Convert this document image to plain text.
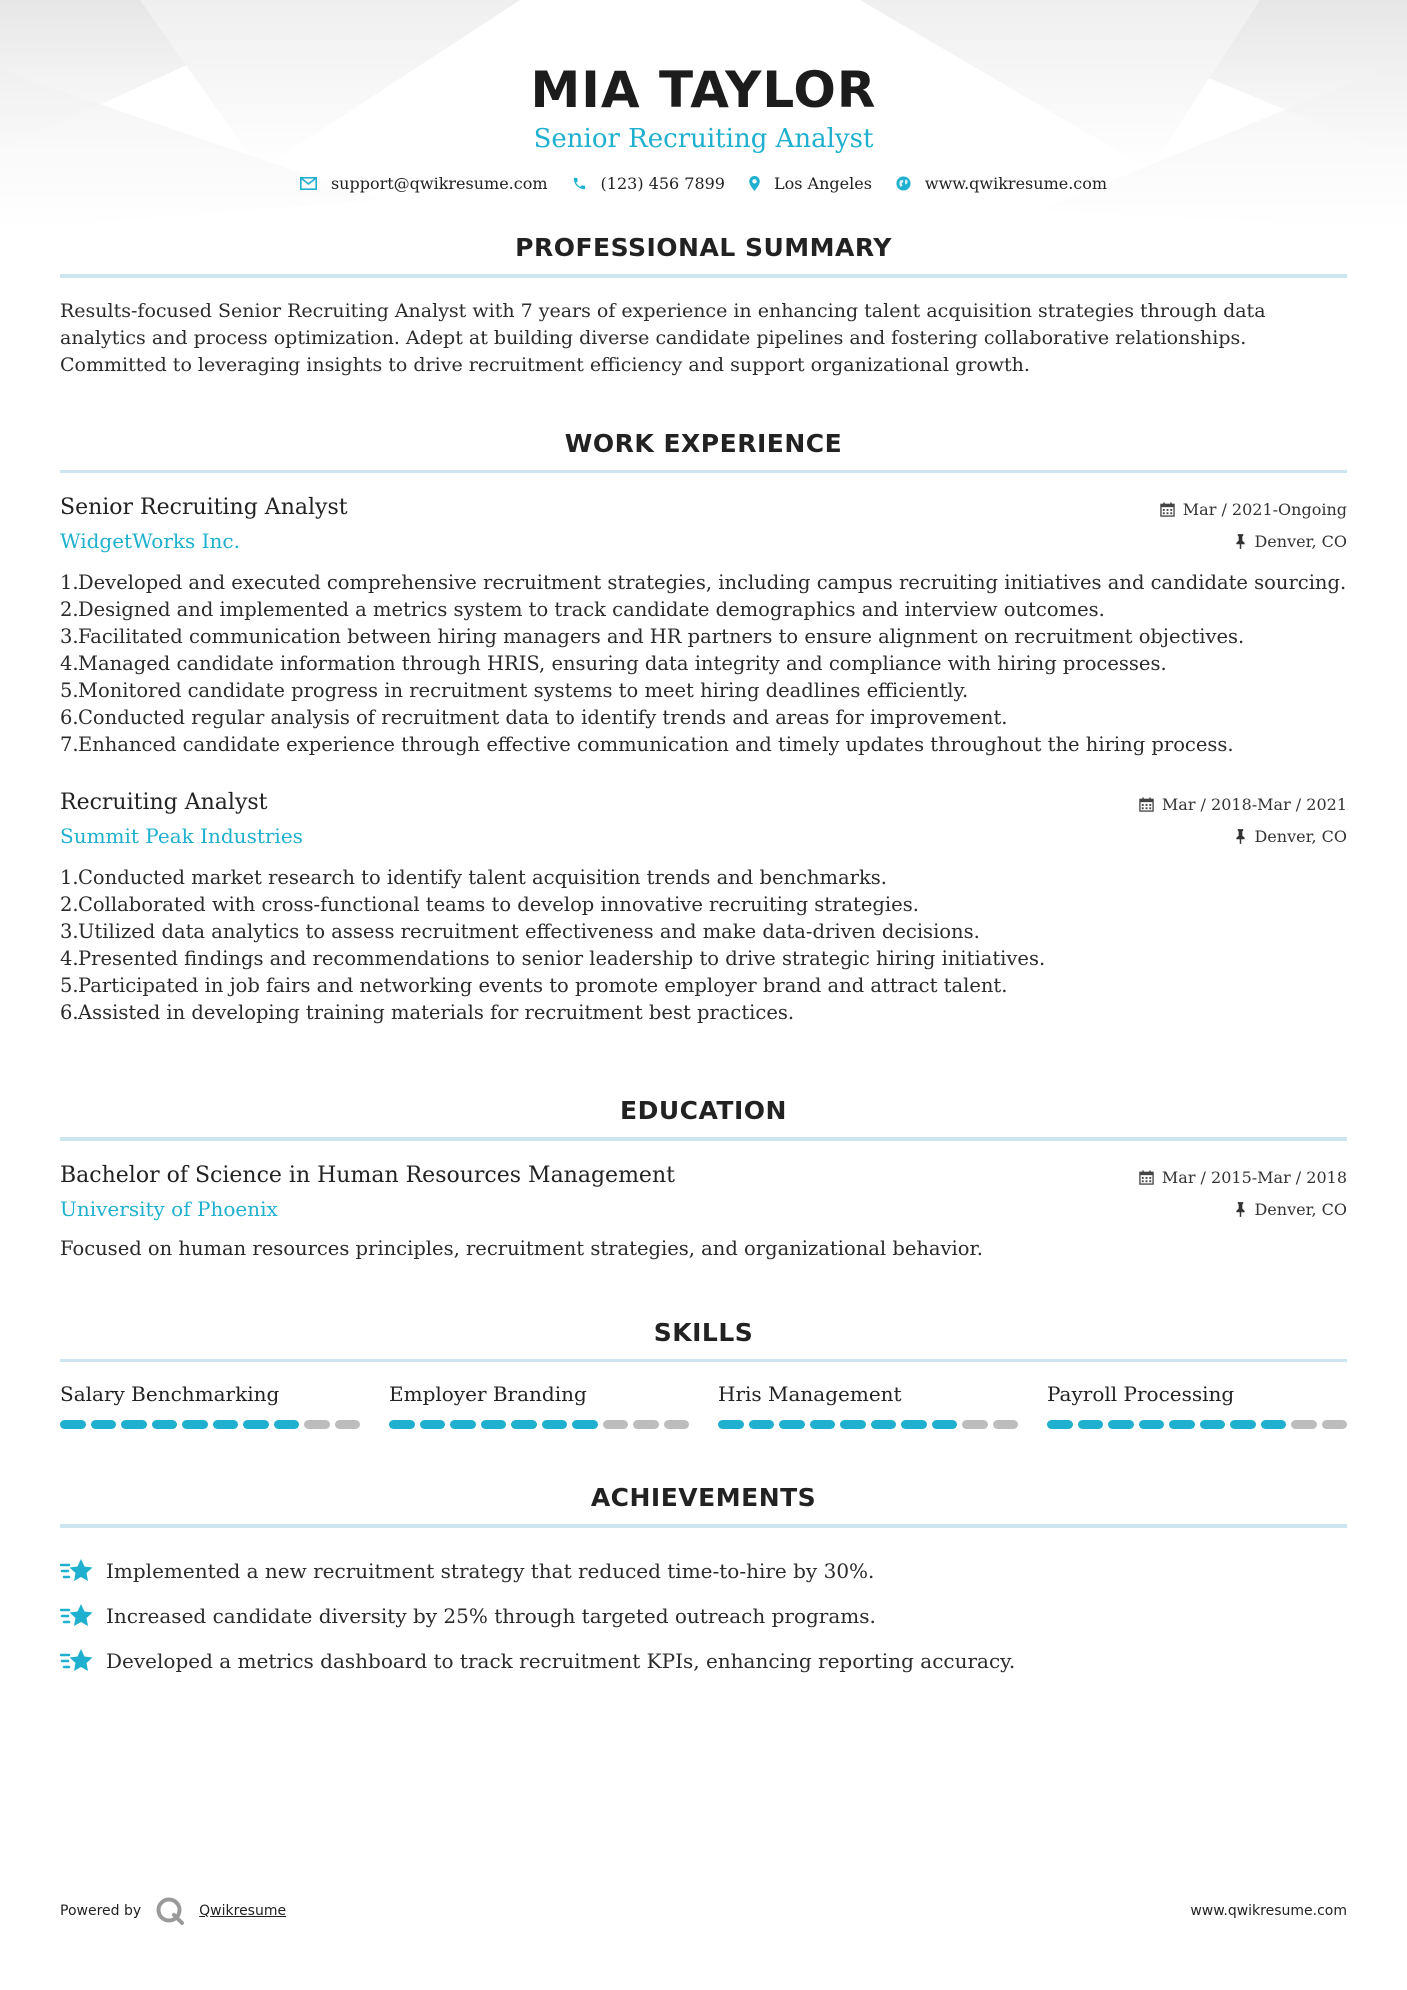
MIA TAYLOR
Senior Recruiting Analyst
support@qwikresume.com	(123) 456 7899	Los Angeles	www.qwikresume.com
PROFESSIONAL SUMMARY
Results-focused Senior Recruiting Analyst with 7 years of experience in enhancing talent acquisition strategies through data analytics and process optimization. Adept at building diverse candidate pipelines and fostering collaborative relationships. Committed to leveraging insights to drive recruitment efficiency and support organizational growth.
WORK EXPERIENCE
Senior Recruiting Analyst
WidgetWorks Inc.
Mar / 2021-Ongoing
Denver, CO
1.Developed and executed comprehensive recruitment strategies, including campus recruiting initiatives and candidate sourcing.
2.Designed and implemented a metrics system to track candidate demographics and interview outcomes.
3.Facilitated communication between hiring managers and HR partners to ensure alignment on recruitment objectives.
4.Managed candidate information through HRIS, ensuring data integrity and compliance with hiring processes.
5.Monitored candidate progress in recruitment systems to meet hiring deadlines efficiently.
6.Conducted regular analysis of recruitment data to identify trends and areas for improvement.
7.Enhanced candidate experience through effective communication and timely updates throughout the hiring process.
Recruiting Analyst
Summit Peak Industries
Mar / 2018-Mar / 2021
Denver, CO
1.Conducted market research to identify talent acquisition trends and benchmarks.
2.Collaborated with cross-functional teams to develop innovative recruiting strategies.
3.Utilized data analytics to assess recruitment effectiveness and make data-driven decisions.
4.Presented findings and recommendations to senior leadership to drive strategic hiring initiatives.
5.Participated in job fairs and networking events to promote employer brand and attract talent.
6.Assisted in developing training materials for recruitment best practices.
EDUCATION
Bachelor of Science in Human Resources Management
University of Phoenix
Mar / 2015-Mar / 2018
Denver, CO
Focused on human resources principles, recruitment strategies, and organizational behavior.
SKILLS
Salary Benchmarking	Employer Branding	Hris Management	Payroll Processing
ACHIEVEMENTS
Implemented a new recruitment strategy that reduced time-to-hire by 30%.
Increased candidate diversity by 25% through targeted outreach programs.
Developed a metrics dashboard to track recruitment KPIs, enhancing reporting accuracy.
Powered by	Qwikresume	www.qwikresume.com
